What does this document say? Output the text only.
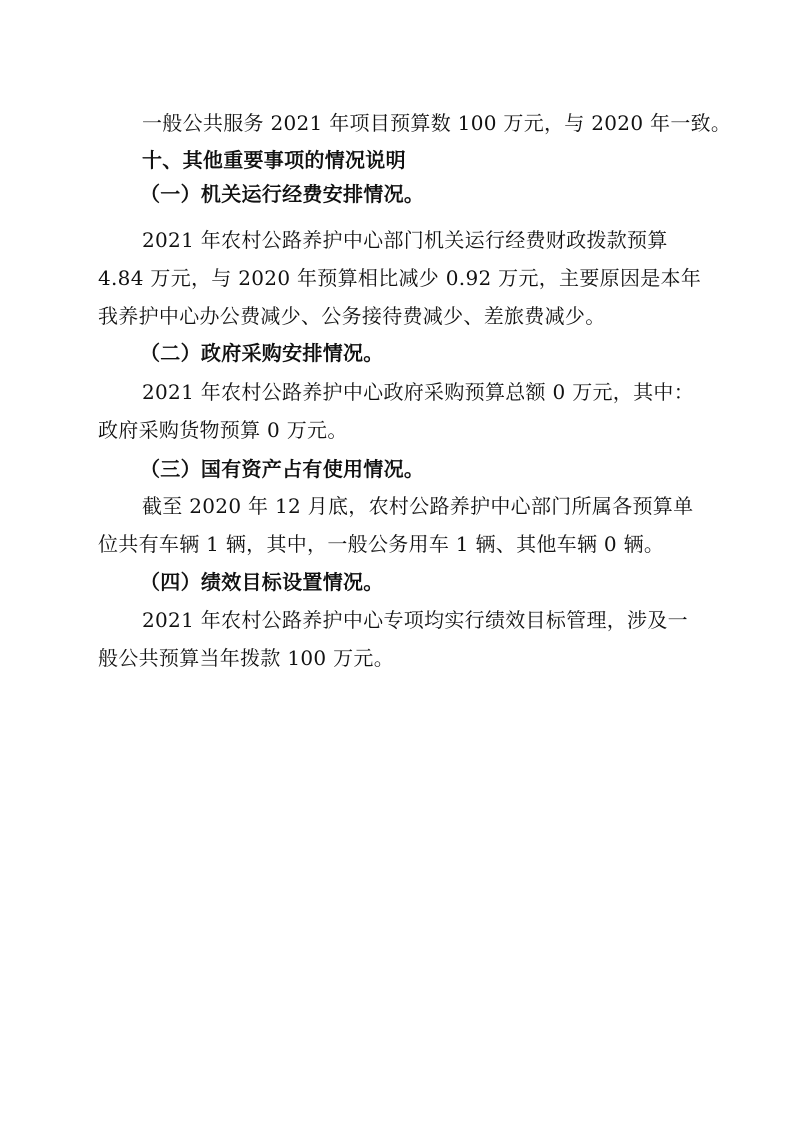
一般公共服务 2021 年项目预算数 100 万元，与 2020 年一致。
十、其他重要事项的情况说明
（一）机关运行经费安排情况。
2021 年农村公路养护中心部门机关运行经费财政拨款预算
4.84 万元，与 2020 年预算相比减少 0.92 万元，主要原因是本年
我养护中心办公费减少、公务接待费减少、差旅费减少。
（二）政府采购安排情况。
2021 年农村公路养护中心政府采购预算总额 0 万元，其中：
政府采购货物预算 0 万元。
（三）国有资产占有使用情况。
截至 2020 年 12 月底，农村公路养护中心部门所属各预算单
位共有车辆 1 辆，其中，一般公务用车 1 辆、其他车辆 0 辆。
（四）绩效目标设置情况。
2021 年农村公路养护中心专项均实行绩效目标管理，涉及一
般公共预算当年拨款 100 万元。
